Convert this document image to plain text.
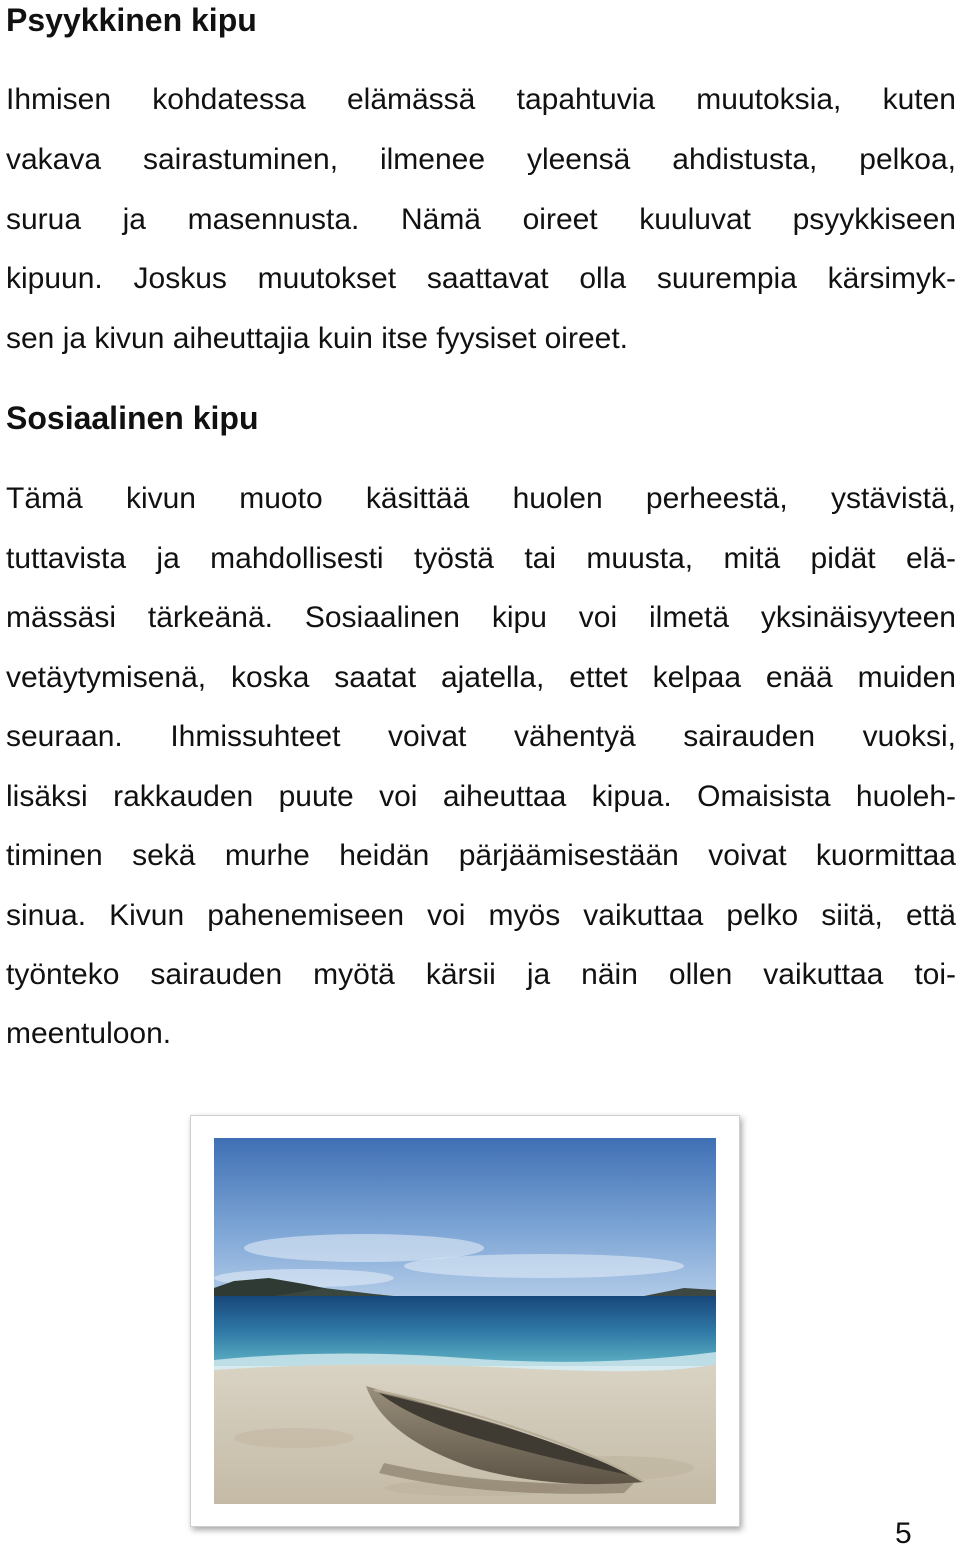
Psyykkinen kipu
Ihmisen kohdatessa elämässä tapahtuvia muutoksia, kuten
vakava sairastuminen, ilmenee yleensä ahdistusta, pelkoa,
surua ja masennusta. Nämä oireet kuuluvat psyykkiseen
kipuun. Joskus muutokset saattavat olla suurempia kärsimyk-
sen ja kivun aiheuttajia kuin itse fyysiset oireet.
Sosiaalinen kipu
Tämä kivun muoto käsittää huolen perheestä, ystävistä,
tuttavista ja mahdollisesti työstä tai muusta, mitä pidät elä-
mässäsi tärkeänä. Sosiaalinen kipu voi ilmetä yksinäisyyteen
vetäytymisenä, koska saatat ajatella, ettet kelpaa enää muiden
seuraan. Ihmissuhteet voivat vähentyä sairauden vuoksi,
lisäksi rakkauden puute voi aiheuttaa kipua. Omaisista huoleh-
timinen sekä murhe heidän pärjäämisestään voivat kuormittaa
sinua. Kivun pahenemiseen voi myös vaikuttaa pelko siitä, että
työnteko sairauden myötä kärsii ja näin ollen vaikuttaa toi-
meentuloon.
5
